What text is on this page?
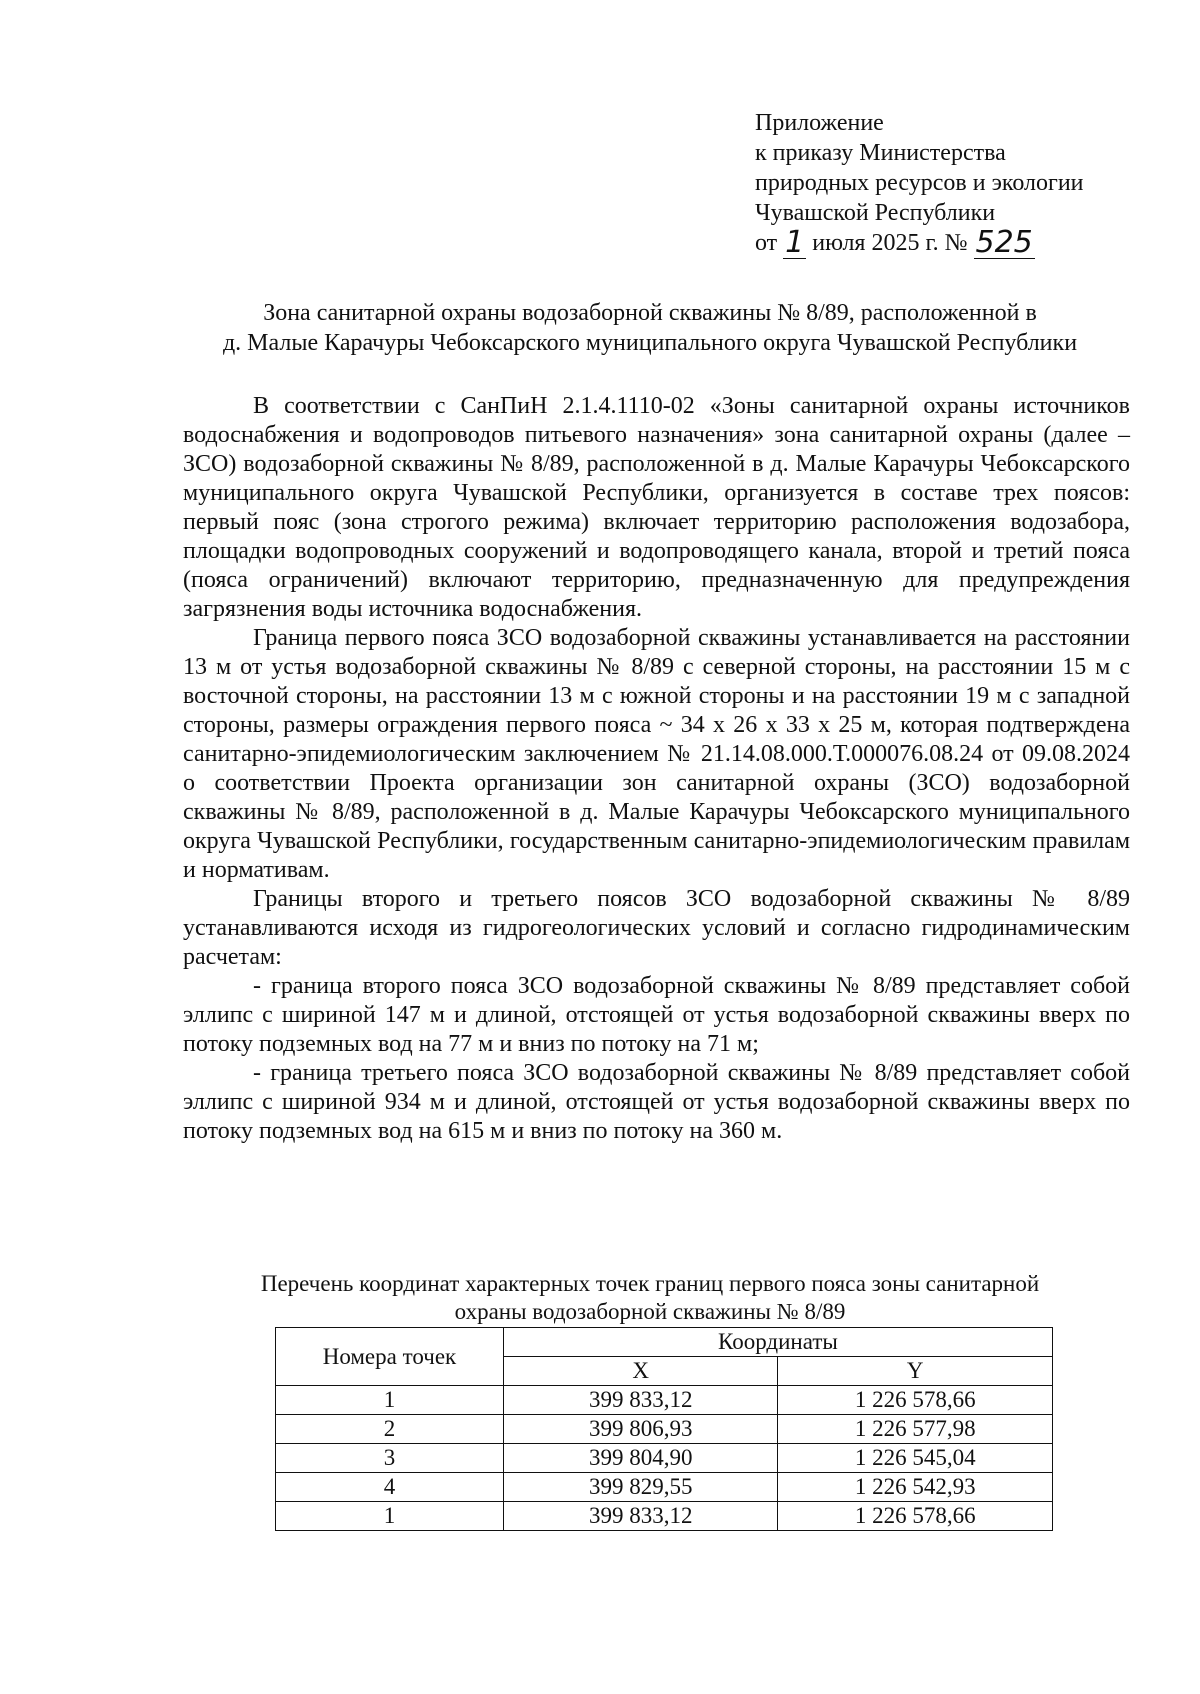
Приложение
к приказу Министерства
природных ресурсов и экологии
Чувашской Республики
от 1 июля 2025 г. № 525
Зона санитарной охраны водозаборной скважины № 8/89, расположенной в
д. Малые Карачуры Чебоксарского муниципального округа Чувашской Республики

В соответствии с СанПиН 2.1.4.1110-02 «Зоны санитарной охраны источников водоснабжения и водопроводов питьевого назначения» зона санитарной охраны (далее – ЗСО) водозаборной скважины № 8/89, расположенной в д. Малые Карачуры Чебоксарского муниципального округа Чувашской Республики, организуется в составе трех поясов: первый пояс (зона строгого режима) включает территорию расположения водозабора, площадки водопроводных сооружений и водопроводящего канала, второй и третий пояса (пояса ограничений) включают территорию, предназначенную для предупреждения загрязнения воды источника водоснабжения.

Граница первого пояса ЗСО водозаборной скважины устанавливается на расстоянии 13 м от устья водозаборной скважины № 8/89 с северной стороны, на расстоянии 15 м с восточной стороны, на расстоянии 13 м с южной стороны и на расстоянии 19 м с западной стороны, размеры ограждения первого пояса ~ 34 х 26 х 33 х 25 м, которая подтверждена санитарно-эпидемиологическим заключением № 21.14.08.000.Т.000076.08.24 от 09.08.2024 о соответствии Проекта организации зон санитарной охраны (ЗСО) водозаборной скважины № 8/89, расположенной в д. Малые Карачуры Чебоксарского муниципального округа Чувашской Республики, государственным санитарно-эпидемиологическим правилам и нормативам.

Границы второго и третьего поясов ЗСО водозаборной скважины № 8/89 устанавливаются исходя из гидрогеологических условий и согласно гидродинамическим расчетам:

- граница второго пояса ЗСО водозаборной скважины № 8/89 представляет собой эллипс с шириной 147 м и длиной, отстоящей от устья водозаборной скважины вверх по потоку подземных вод на 77 м и вниз по потоку на 71 м;

- граница третьего пояса ЗСО водозаборной скважины № 8/89 представляет собой эллипс с шириной 934 м и длиной, отстоящей от устья водозаборной скважины вверх по потоку подземных вод на 615 м и вниз по потоку на 360 м.

Перечень координат характерных точек границ первого пояса зоны санитарной
охраны водозаборной скважины № 8/89
Номера точек	Координаты	
	X	Y
1	399 833,12	1 226 578,66
2	399 806,93	1 226 577,98
3	399 804,90	1 226 545,04
4	399 829,55	1 226 542,93
1	399 833,12	1 226 578,66
